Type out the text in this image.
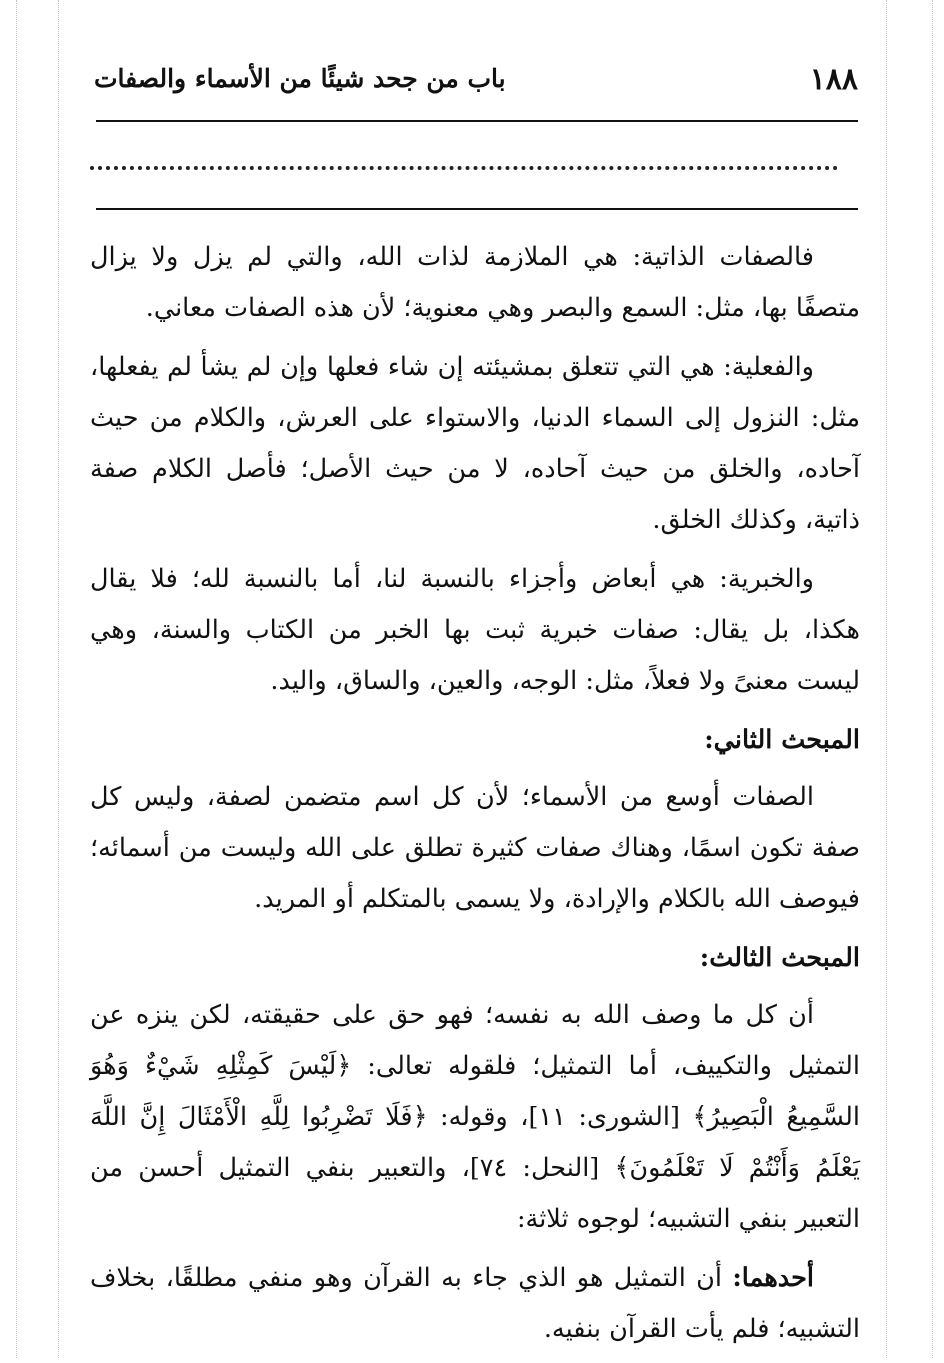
١٨٨
باب من جحد شيئًا من الأسماء والصفات

فالصفات الذاتية: هي الملازمة لذات الله، والتي لم يزل ولا يزال متصفًا بها، مثل: السمع والبصر وهي معنوية؛ لأن هذه الصفات معاني.

والفعلية: هي التي تتعلق بمشيئته إن شاء فعلها وإن لم يشأ لم يفعلها، مثل: النزول إلى السماء الدنيا، والاستواء على العرش، والكلام من حيث آحاده، والخلق من حيث آحاده، لا من حيث الأصل؛ فأصل الكلام صفة ذاتية، وكذلك الخلق.

والخبرية: هي أبعاض وأجزاء بالنسبة لنا، أما بالنسبة لله؛ فلا يقال هكذا، بل يقال: صفات خبرية ثبت بها الخبر من الكتاب والسنة، وهي ليست معنىً ولا فعلاً، مثل: الوجه، والعين، والساق، واليد.

المبحث الثاني:

الصفات أوسع من الأسماء؛ لأن كل اسم متضمن لصفة، وليس كل صفة تكون اسمًا، وهناك صفات كثيرة تطلق على الله وليست من أسمائه؛ فيوصف الله بالكلام والإرادة، ولا يسمى بالمتكلم أو المريد.

المبحث الثالث:

أن كل ما وصف الله به نفسه؛ فهو حق على حقيقته، لكن ينزه عن التمثيل والتكييف، أما التمثيل؛ فلقوله تعالى: ﴿لَيْسَ كَمِثْلِهِ شَيْءٌ وَهُوَ السَّمِيعُ الْبَصِيرُ﴾ [الشورى: ١١]، وقوله: ﴿فَلَا تَضْرِبُوا لِلَّهِ الْأَمْثَالَ إِنَّ اللَّهَ يَعْلَمُ وَأَنْتُمْ لَا تَعْلَمُونَ﴾ [النحل: ٧٤]، والتعبير بنفي التمثيل أحسن من التعبير بنفي التشبيه؛ لوجوه ثلاثة:

أحدهما: أن التمثيل هو الذي جاء به القرآن وهو منفي مطلقًا، بخلاف التشبيه؛ فلم يأت القرآن بنفيه.
